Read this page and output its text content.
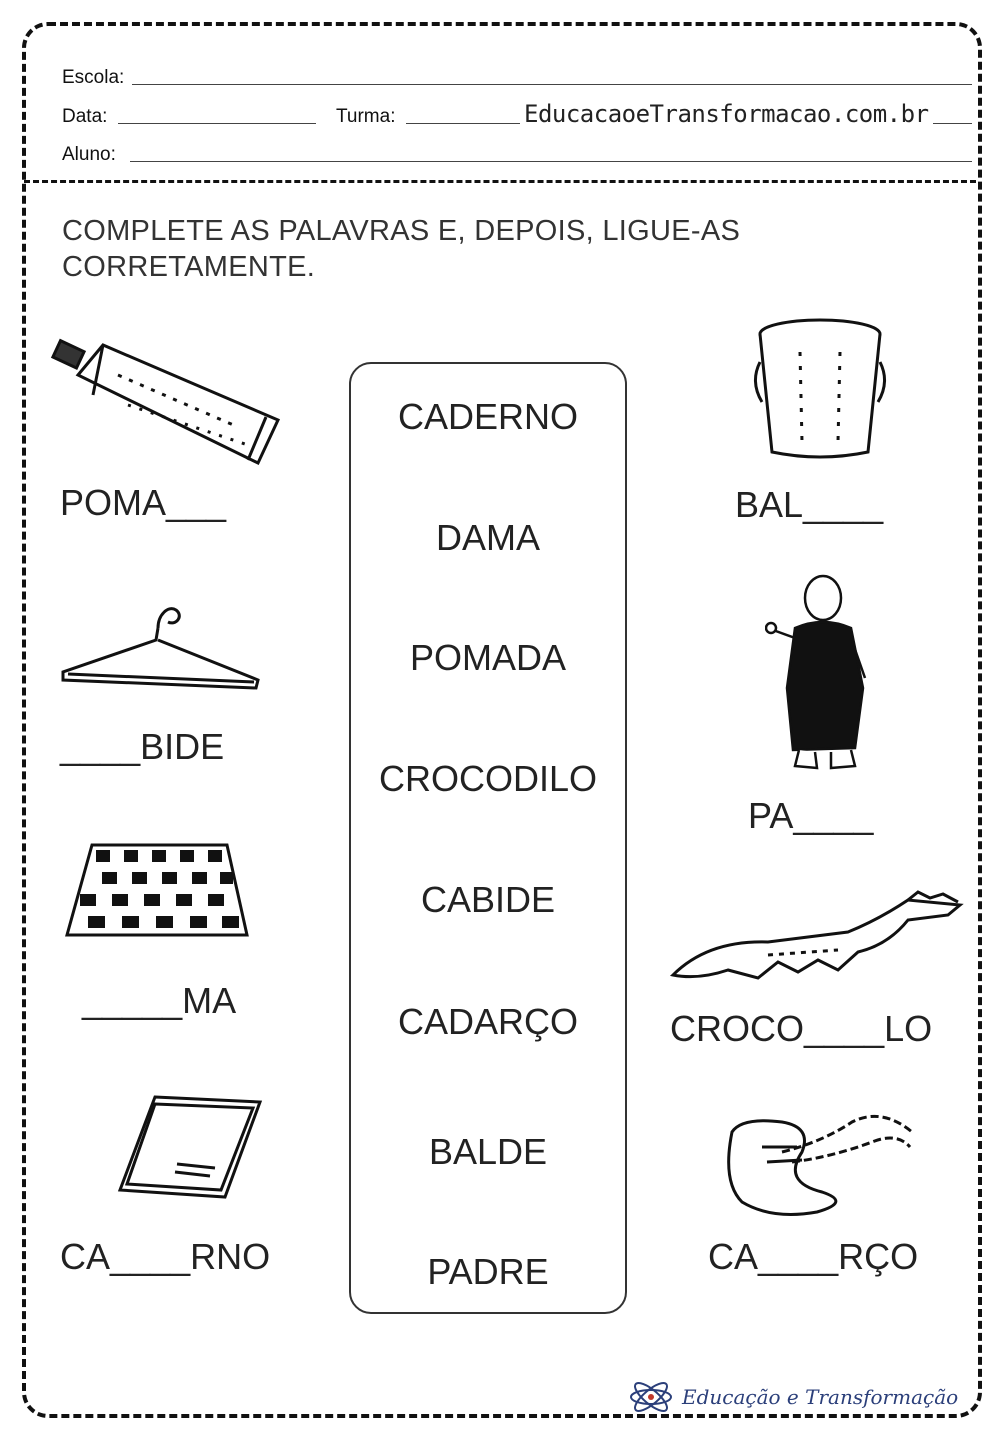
Escola:
Data:	Turma:	EducacaoeTransformacao.com.br
Aluno:
COMPLETE AS PALAVRAS E, DEPOIS, LIGUE-AS
CORRETAMENTE.
POMA___
____BIDE
_____MA
CA____RNO
CADERNO
DAMA
POMADA
CROCODILO
CABIDE
CADARÇO
BALDE
PADRE
BAL____
PA____
CROCO____LO
CA____RÇO
Educação e Transformação
